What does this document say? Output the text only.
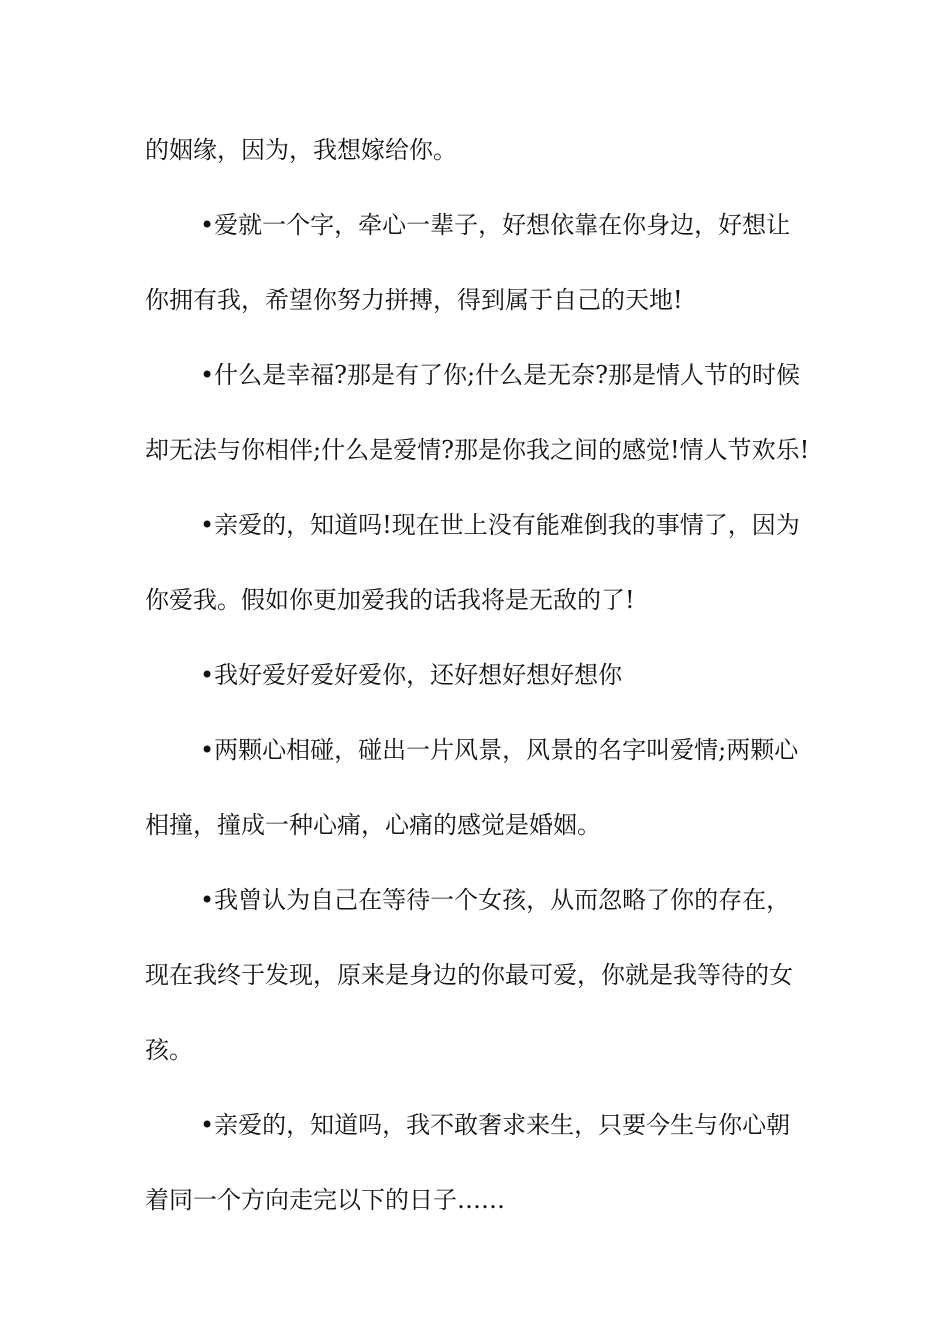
的姻缘，因为，我想嫁给你。
•爱就一个字，牵心一辈子，好想依靠在你身边，好想让
你拥有我，希望你努力拼搏，得到属于自己的天地!
•什么是幸福?那是有了你;什么是无奈?那是情人节的时候
却无法与你相伴;什么是爱情?那是你我之间的感觉!情人节欢乐!
•亲爱的，知道吗!现在世上没有能难倒我的事情了，因为
你爱我。假如你更加爱我的话我将是无敌的了!
•我好爱好爱好爱你，还好想好想好想你
•两颗心相碰，碰出一片风景，风景的名字叫爱情;两颗心
相撞，撞成一种心痛，心痛的感觉是婚姻。
•我曾认为自己在等待一个女孩，从而忽略了你的存在，
现在我终于发现，原来是身边的你最可爱，你就是我等待的女
孩。
•亲爱的，知道吗，我不敢奢求来生，只要今生与你心朝
着同一个方向走完以下的日子……
